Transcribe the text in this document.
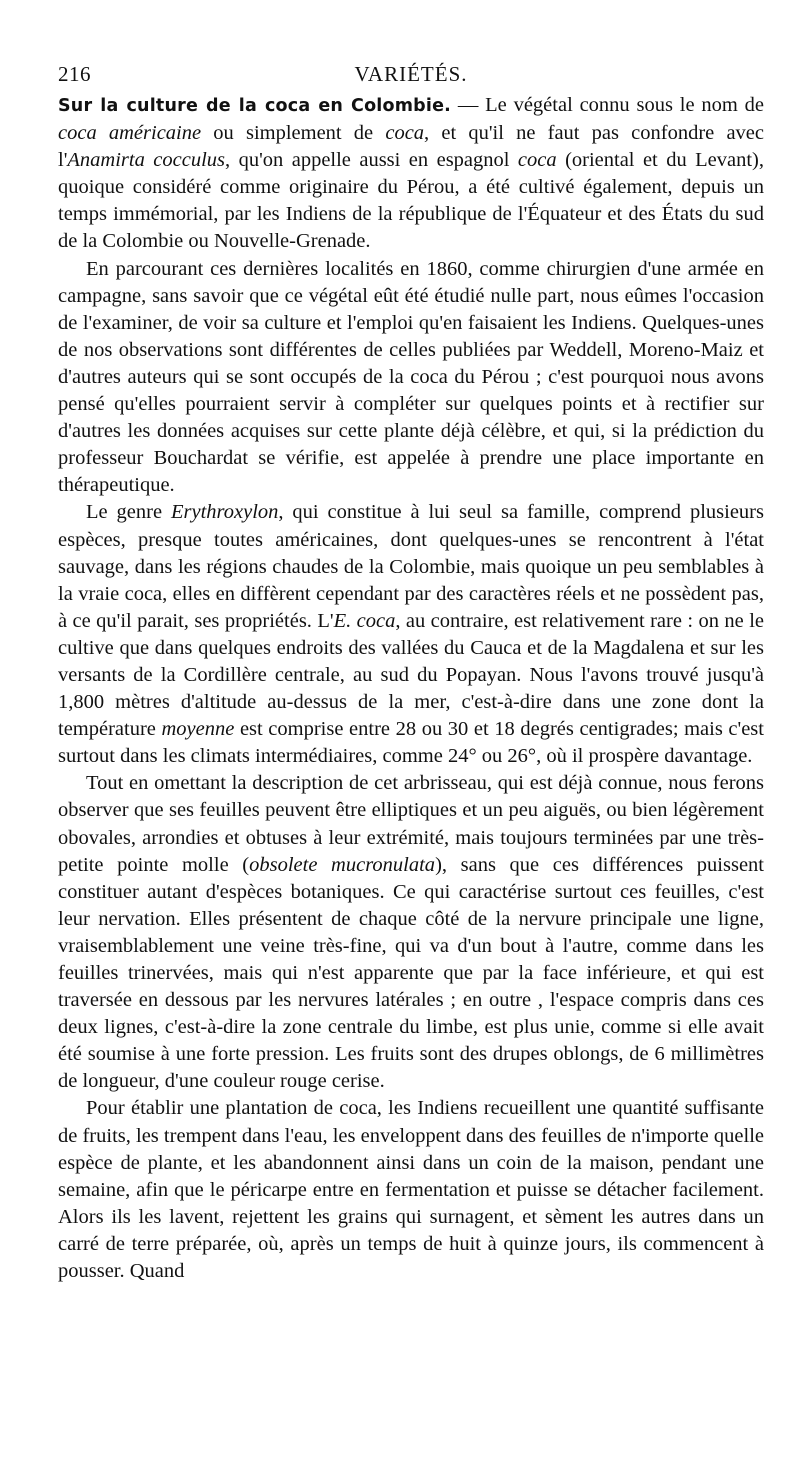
216	VARIÉTÉS.

Sur la culture de la coca en Colombie. — Le végétal connu sous le nom de coca américaine ou simplement de coca, et qu'il ne faut pas confondre avec l'Anamirta cocculus, qu'on appelle aussi en espagnol coca (oriental et du Levant), quoique considéré comme originaire du Pérou, a été cultivé également, depuis un temps immémorial, par les Indiens de la république de l'Équateur et des États du sud de la Colombie ou Nouvelle-Grenade.

En parcourant ces dernières localités en 1860, comme chirurgien d'une armée en campagne, sans savoir que ce végétal eût été étudié nulle part, nous eûmes l'occasion de l'examiner, de voir sa culture et l'emploi qu'en faisaient les Indiens. Quelques-unes de nos observations sont différentes de celles publiées par Weddell, Moreno-Maiz et d'autres auteurs qui se sont occupés de la coca du Pérou ; c'est pourquoi nous avons pensé qu'elles pourraient servir à compléter sur quelques points et à rectifier sur d'autres les données acquises sur cette plante déjà célèbre, et qui, si la prédiction du professeur Bouchardat se vérifie, est appelée à prendre une place importante en thérapeutique.

Le genre Erythroxylon, qui constitue à lui seul sa famille, comprend plusieurs espèces, presque toutes américaines, dont quelques-unes se rencontrent à l'état sauvage, dans les régions chaudes de la Colombie, mais quoique un peu semblables à la vraie coca, elles en diffèrent cependant par des caractères réels et ne possèdent pas, à ce qu'il parait, ses propriétés. L'E. coca, au contraire, est relativement rare : on ne le cultive que dans quelques endroits des vallées du Cauca et de la Magdalena et sur les versants de la Cordillère centrale, au sud du Popayan. Nous l'avons trouvé jusqu'à 1,800 mètres d'altitude au-dessus de la mer, c'est-à-dire dans une zone dont la température moyenne est comprise entre 28 ou 30 et 18 degrés centigrades; mais c'est surtout dans les climats intermédiaires, comme 24° ou 26°, où il prospère davantage.

Tout en omettant la description de cet arbrisseau, qui est déjà connue, nous ferons observer que ses feuilles peuvent être elliptiques et un peu aiguës, ou bien légèrement obovales, arrondies et obtuses à leur extrémité, mais toujours terminées par une très-petite pointe molle (obsolete mucronulata), sans que ces différences puissent constituer autant d'espèces botaniques. Ce qui caractérise surtout ces feuilles, c'est leur nervation. Elles présentent de chaque côté de la nervure principale une ligne, vraisemblablement une veine très-fine, qui va d'un bout à l'autre, comme dans les feuilles trinervées, mais qui n'est apparente que par la face inférieure, et qui est traversée en dessous par les nervures latérales ; en outre , l'espace compris dans ces deux lignes, c'est-à-dire la zone centrale du limbe, est plus unie, comme si elle avait été soumise à une forte pression. Les fruits sont des drupes oblongs, de 6 millimètres de longueur, d'une couleur rouge cerise.

Pour établir une plantation de coca, les Indiens recueillent une quantité suffisante de fruits, les trempent dans l'eau, les enveloppent dans des feuilles de n'importe quelle espèce de plante, et les abandonnent ainsi dans un coin de la maison, pendant une semaine, afin que le péricarpe entre en fermentation et puisse se détacher facilement. Alors ils les lavent, rejettent les grains qui surnagent, et sèment les autres dans un carré de terre préparée, où, après un temps de huit à quinze jours, ils commencent à pousser. Quand
